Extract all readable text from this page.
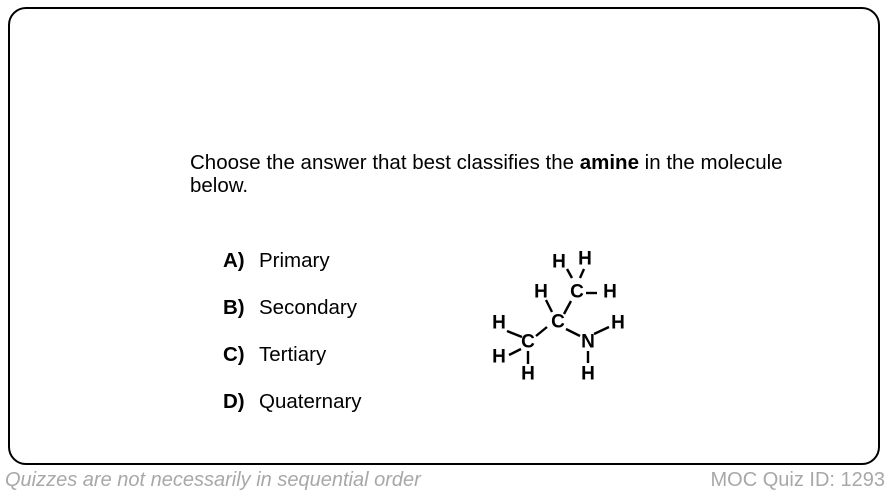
Choose the answer that best classifies the amine in the molecule below.

A) Primary
B) Secondary
C) Tertiary
D) Quaternary
H H
C H
H
C
H	H
N
C
H
H H
Quizzes are not necessarily in sequential order	MOC Quiz ID: 1293
